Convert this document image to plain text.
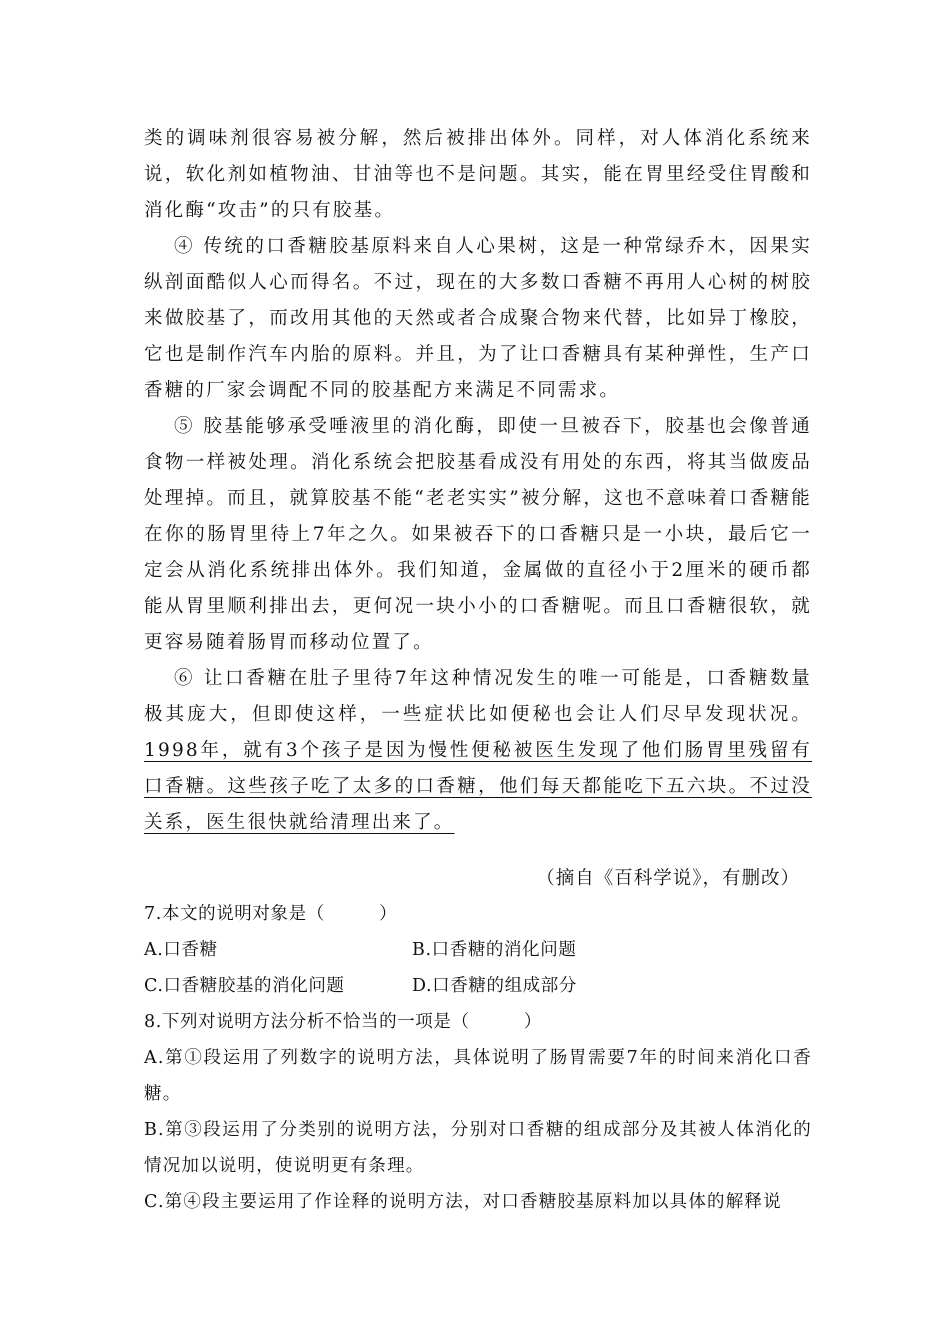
类的调味剂很容易被分解，然后被排出体外。同样，对人体消化系统来说，软化剂如植物油、甘油等也不是问题。其实，能在胃里经受住胃酸和消化酶“攻击”的只有胶基。

④ 传统的口香糖胶基原料来自人心果树，这是一种常绿乔木，因果实纵剖面酷似人心而得名。不过，现在的大多数口香糖不再用人心树的树胶来做胶基了，而改用其他的天然或者合成聚合物来代替，比如异丁橡胶，它也是制作汽车内胎的原料。并且，为了让口香糖具有某种弹性，生产口香糖的厂家会调配不同的胶基配方来满足不同需求。

⑤ 胶基能够承受唾液里的消化酶，即使一旦被吞下，胶基也会像普通食物一样被处理。消化系统会把胶基看成没有用处的东西，将其当做废品处理掉。而且，就算胶基不能“老老实实”被分解，这也不意味着口香糖能在你的肠胃里待上7年之久。如果被吞下的口香糖只是一小块，最后它一定会从消化系统排出体外。我们知道，金属做的直径小于2厘米的硬币都能从胃里顺利排出去，更何况一块小小的口香糖呢。而且口香糖很软，就更容易随着肠胃而移动位置了。

⑥ 让口香糖在肚子里待7年这种情况发生的唯一可能是，口香糖数量极其庞大，但即使这样，一些症状比如便秘也会让人们尽早发现状况。1998年，就有3个孩子是因为慢性便秘被医生发现了他们肠胃里残留有口香糖。这些孩子吃了太多的口香糖，他们每天都能吃下五六块。不过没关系，医生很快就给清理出来了。

（摘自《百科学说》，有删改）
7.本文的说明对象是（　　　）
A.口香糖	B.口香糖的消化问题
C.口香糖胶基的消化问题	D.口香糖的组成部分
8.下列对说明方法分析不恰当的一项是（　　　）

A.第①段运用了列数字的说明方法，具体说明了肠胃需要7年的时间来消化口香糖。

B.第③段运用了分类别的说明方法，分别对口香糖的组成部分及其被人体消化的情况加以说明，使说明更有条理。

C.第④段主要运用了作诠释的说明方法，对口香糖胶基原料加以具体的解释说
